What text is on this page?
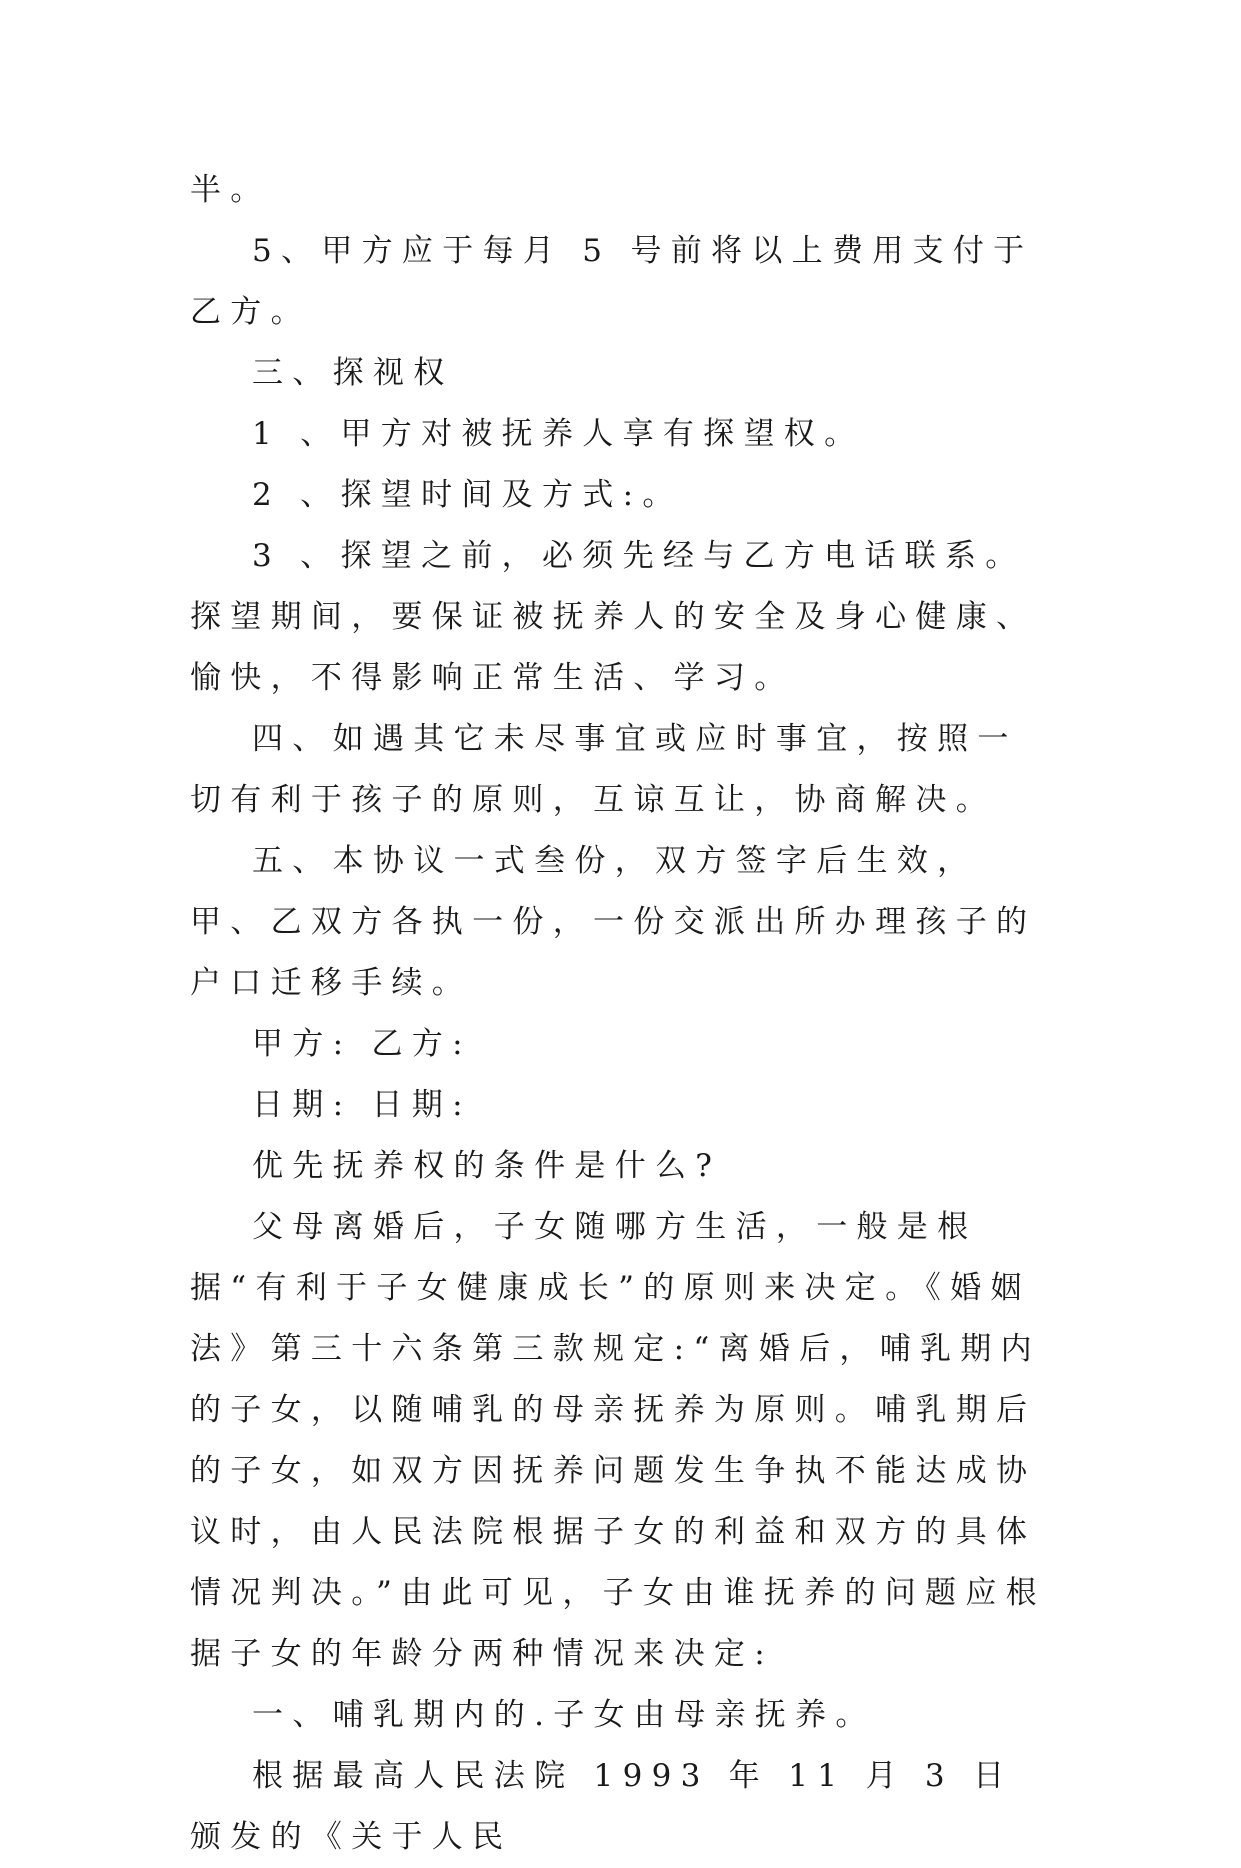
半。

5、甲方应于每月 5 号前将以上费用支付于乙方。

三、探视权

1 、甲方对被抚养人享有探望权。

2 、探望时间及方式:。

3 、探望之前，必须先经与乙方电话联系。探望期间，要保证被抚养人的安全及身心健康、愉快，不得影响正常生活、学习。

四、如遇其它未尽事宜或应时事宜，按照一切有利于孩子的原则，互谅互让，协商解决。

五、本协议一式叁份，双方签字后生效，甲、乙双方各执一份，一份交派出所办理孩子的户口迁移手续。

甲方: 乙方:

日期: 日期:

优先抚养权的条件是什么?

父母离婚后，子女随哪方生活，一般是根据“有利于子女健康成长”的原则来决定。《婚姻法》第三十六条第三款规定:“离婚后，哺乳期内的子女，以随哺乳的母亲抚养为原则。哺乳期后的子女，如双方因抚养问题发生争执不能达成协议时，由人民法院根据子女的利益和双方的具体情况判决。”由此可见，子女由谁抚养的问题应根据子女的年龄分两种情况来决定:

一、哺乳期内的.子女由母亲抚养。

根据最高人民法院 1993 年 11 月 3 日颁发的《关于人民
